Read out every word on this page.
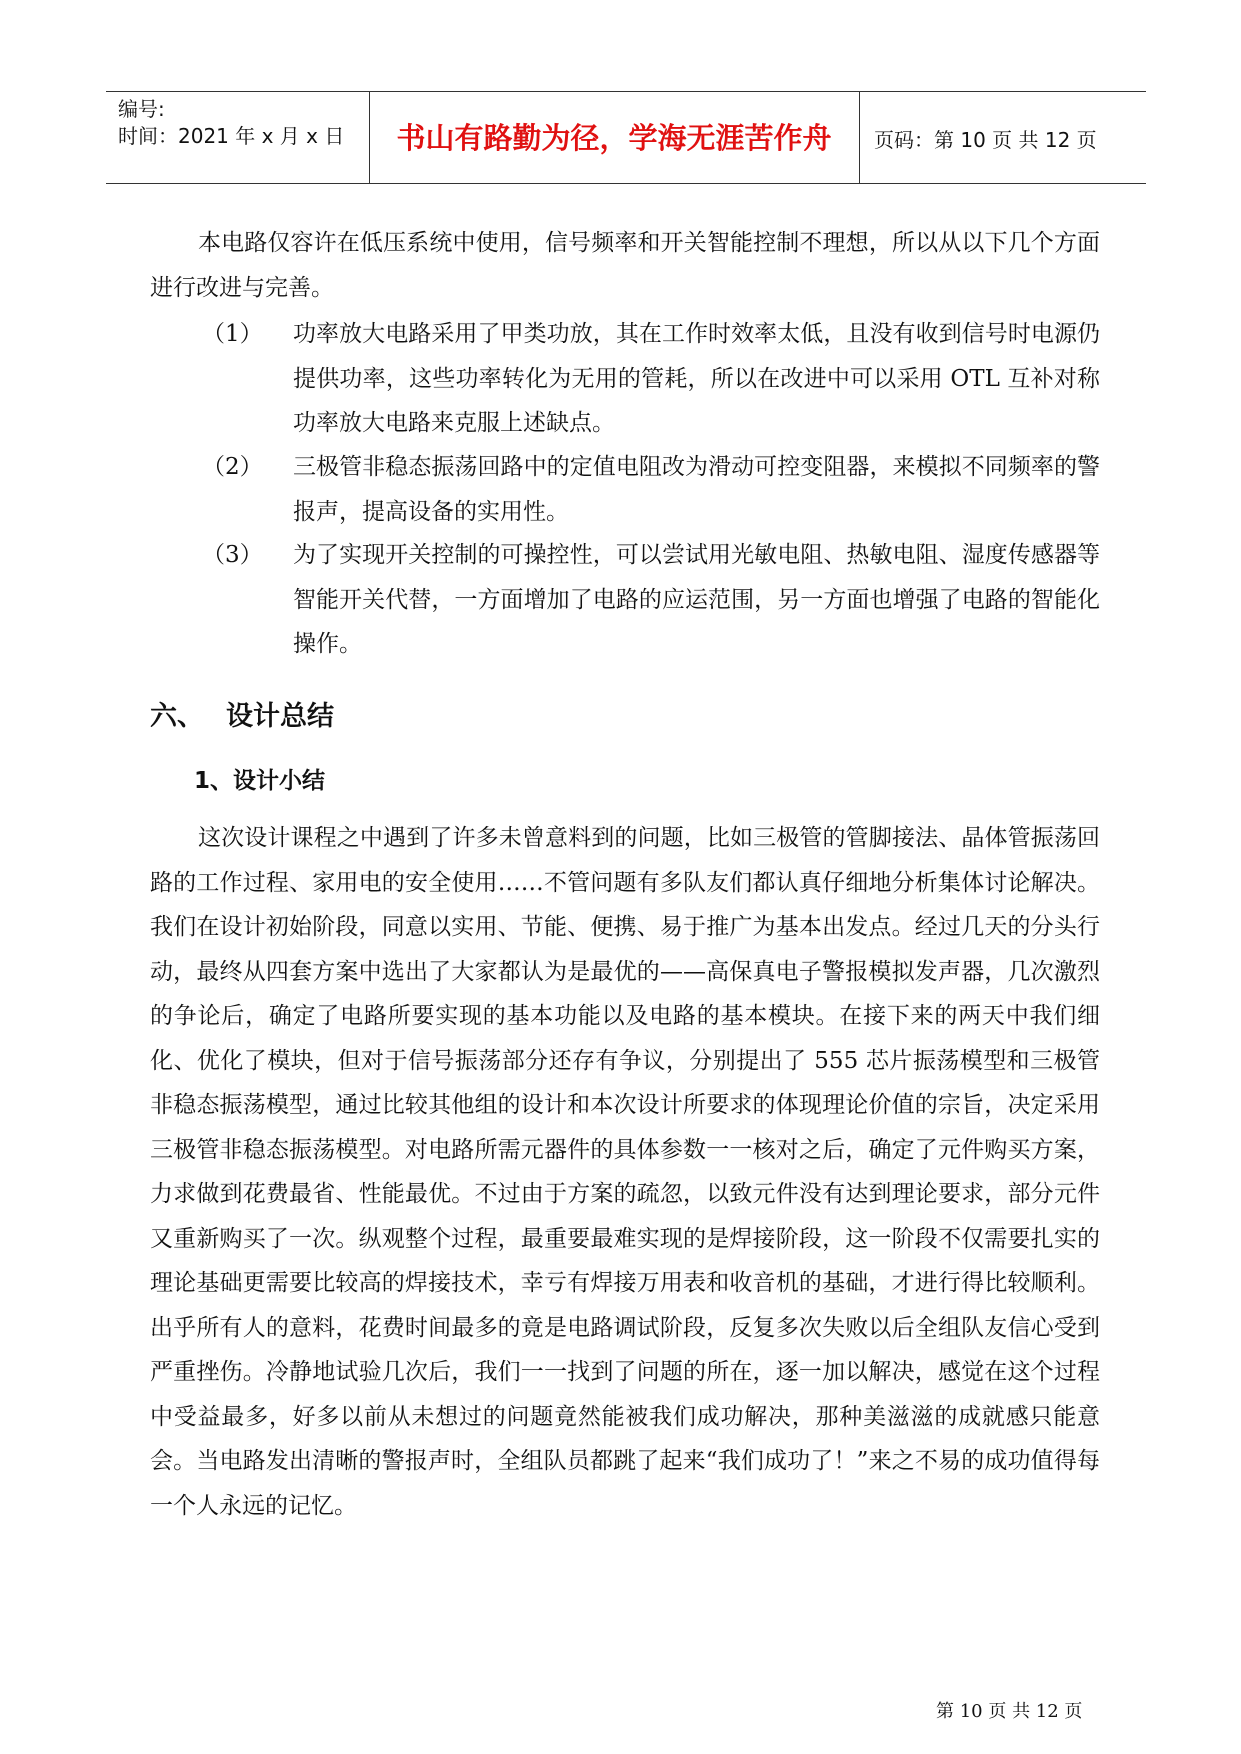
编号:
时间：2021 年 x 月 x 日	书山有路勤为径，学海无涯苦作舟	页码：第 10 页 共 12 页
本电路仅容许在低压系统中使用，信号频率和开关智能控制不理想，所以从以下几个方面进行改进与完善。
（1） 功率放大电路采用了甲类功放，其在工作时效率太低，且没有收到信号时电源仍提供功率，这些功率转化为无用的管耗，所以在改进中可以采用 OTL 互补对称功率放大电路来克服上述缺点。
（2） 三极管非稳态振荡回路中的定值电阻改为滑动可控变阻器，来模拟不同频率的警报声，提高设备的实用性。
（3） 为了实现开关控制的可操控性，可以尝试用光敏电阻、热敏电阻、湿度传感器等智能开关代替，一方面增加了电路的应运范围，另一方面也增强了电路的智能化操作。
六、 设计总结
1、设计小结
这次设计课程之中遇到了许多未曾意料到的问题，比如三极管的管脚接法、晶体管振荡回路的工作过程、家用电的安全使用……不管问题有多队友们都认真仔细地分析集体讨论解决。我们在设计初始阶段，同意以实用、节能、便携、易于推广为基本出发点。经过几天的分头行动，最终从四套方案中选出了大家都认为是最优的——高保真电子警报模拟发声器，几次激烈的争论后，确定了电路所要实现的基本功能以及电路的基本模块。在接下来的两天中我们细化、优化了模块，但对于信号振荡部分还存有争议，分别提出了 555 芯片振荡模型和三极管非稳态振荡模型，通过比较其他组的设计和本次设计所要求的体现理论价值的宗旨，决定采用三极管非稳态振荡模型。对电路所需元器件的具体参数一一核对之后，确定了元件购买方案，力求做到花费最省、性能最优。不过由于方案的疏忽，以致元件没有达到理论要求，部分元件又重新购买了一次。纵观整个过程，最重要最难实现的是焊接阶段，这一阶段不仅需要扎实的理论基础更需要比较高的焊接技术，幸亏有焊接万用表和收音机的基础，才进行得比较顺利。出乎所有人的意料，花费时间最多的竟是电路调试阶段，反复多次失败以后全组队友信心受到严重挫伤。冷静地试验几次后，我们一一找到了问题的所在，逐一加以解决，感觉在这个过程中受益最多，好多以前从未想过的问题竟然能被我们成功解决，那种美滋滋的成就感只能意会。当电路发出清晰的警报声时，全组队员都跳了起来“我们成功了！”来之不易的成功值得每一个人永远的记忆。
第 10 页 共 12 页
